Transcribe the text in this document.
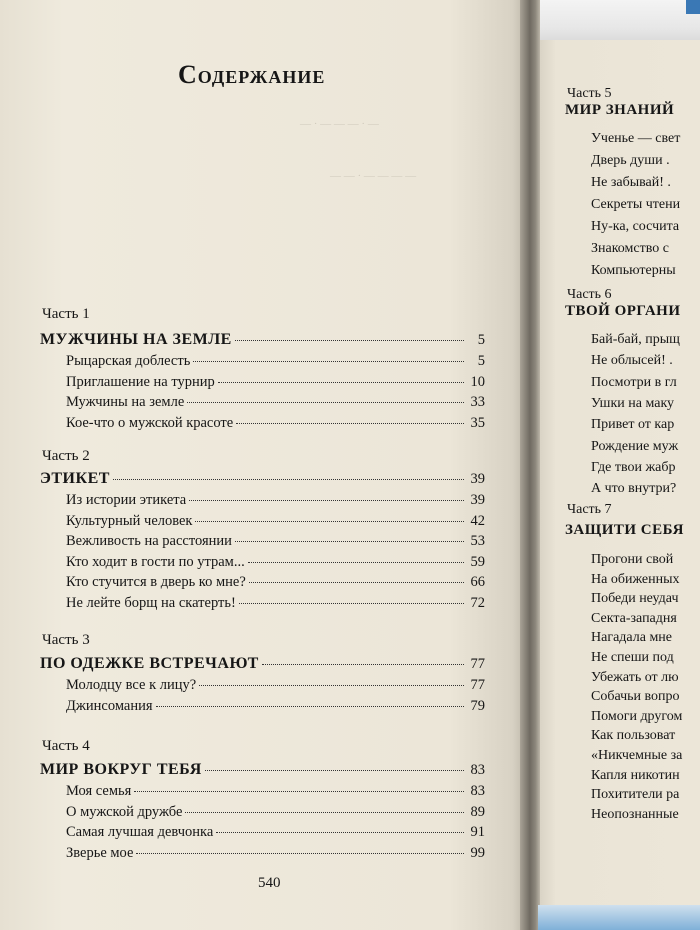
— · — — — · —
— — · — — — —
Содержание
Часть 1
МУЖЧИНЫ НА ЗЕМЛЕ	5
Рыцарская доблесть	5
Приглашение на турнир	10
Мужчины на земле	33
Кое-что о мужской красоте	35
Часть 2
ЭТИКЕТ	39
Из истории этикета	39
Культурный человек	42
Вежливость на расстоянии	53
Кто ходит в гости по утрам...	59
Кто стучится в дверь ко мне?	66
Не лейте борщ на скатерть!	72
Часть 3
ПО ОДЕЖКЕ ВСТРЕЧАЮТ	77
Молодцу все к лицу?	77
Джинсомания	79
Часть 4
МИР ВОКРУГ ТЕБЯ	83
Моя семья	83
О мужской дружбе	89
Самая лучшая девчонка	91
Зверье мое	99
540
Часть 5
МИР ЗНАНИЙ
Ученье — свет
Дверь души .
Не забывай! .
Секреты чтени
Ну-ка, сосчита
Знакомство с
Компьютерны
Часть 6
ТВОЙ ОРГАНИ
Бай-бай, прыщ
Не облысей! .
Посмотри в гл
Ушки на маку
Привет от кар
Рождение муж
Где твои жабр
А что внутри?
Часть 7
ЗАЩИТИ СЕБЯ
Прогони свой
На обиженных
Победи неудач
Секта-западня
Нагадала мне
Не спеши под
Убежать от лю
Собачьи вопро
Помоги другом
Как пользоват
«Никчемные за
Капля никотин
Похитители ра
Неопознанные
